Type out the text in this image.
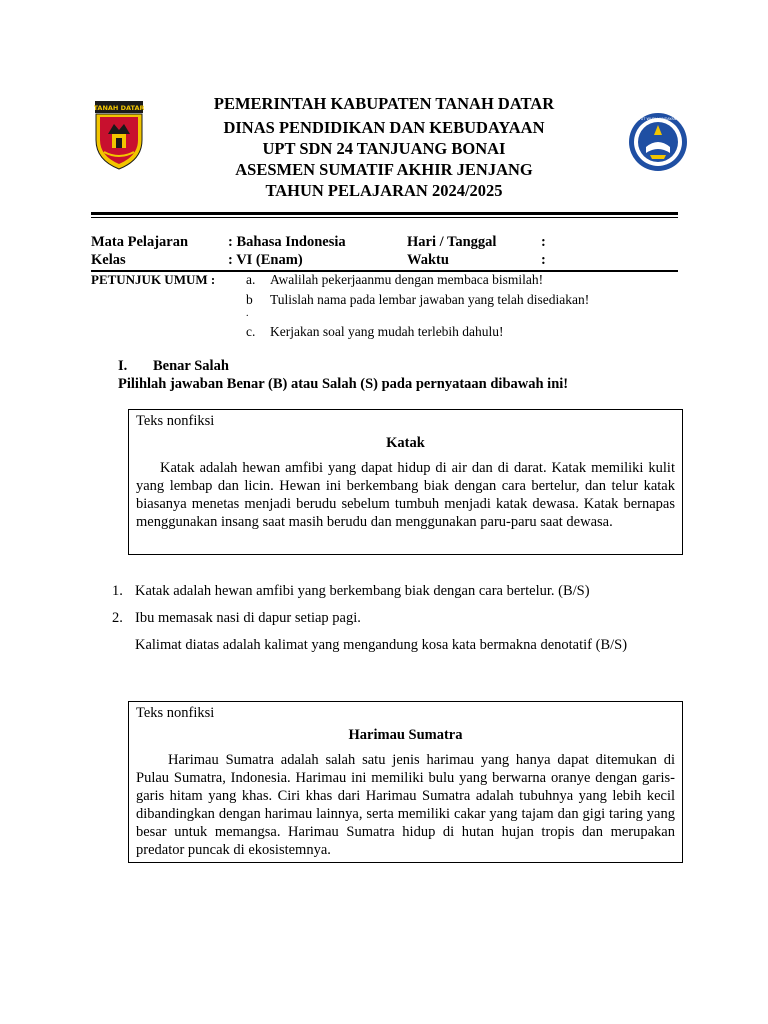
TANAH DATAR
TUT WURI HANDAYANI
PEMERINTAH KABUPATEN TANAH DATAR
DINAS PENDIDIKAN DAN KEBUDAYAAN
UPT SDN 24 TANJUANG BONAI
ASESMEN SUMATIF AKHIR JENJANG
TAHUN PELAJARAN 2024/2025
Mata Pelajaran	: Bahasa Indonesia	Hari / Tanggal	:
Kelas	: VI (Enam)	Waktu	:
PETUNJUK UMUM : a. Awalilah pekerjaanmu dengan membaca bismilah!
b Tulislah nama pada lembar jawaban yang telah disediakan!
.
c. Kerjakan soal yang mudah terlebih dahulu!
I. Benar Salah
Pilihlah jawaban Benar (B) atau Salah (S) pada pernyataan dibawah ini!
Teks nonfiksi
Katak
Katak adalah hewan amfibi yang dapat hidup di air dan di darat. Katak memiliki kulit yang lembap dan licin. Hewan ini berkembang biak dengan cara bertelur, dan telur katak biasanya menetas menjadi berudu sebelum tumbuh menjadi katak dewasa. Katak bernapas menggunakan insang saat masih berudu dan menggunakan paru-paru saat dewasa.
1. Katak adalah hewan amfibi yang berkembang biak dengan cara bertelur. (B/S)
2. Ibu memasak nasi di dapur setiap pagi.
Kalimat diatas adalah kalimat yang mengandung kosa kata bermakna denotatif (B/S)
Teks nonfiksi
Harimau Sumatra
Harimau Sumatra adalah salah satu jenis harimau yang hanya dapat ditemukan di Pulau Sumatra, Indonesia. Harimau ini memiliki bulu yang berwarna oranye dengan garis-garis hitam yang khas. Ciri khas dari Harimau Sumatra adalah tubuhnya yang lebih kecil dibandingkan dengan harimau lainnya, serta memiliki cakar yang tajam dan gigi taring yang besar untuk memangsa. Harimau Sumatra hidup di hutan hujan tropis dan merupakan predator puncak di ekosistemnya.
